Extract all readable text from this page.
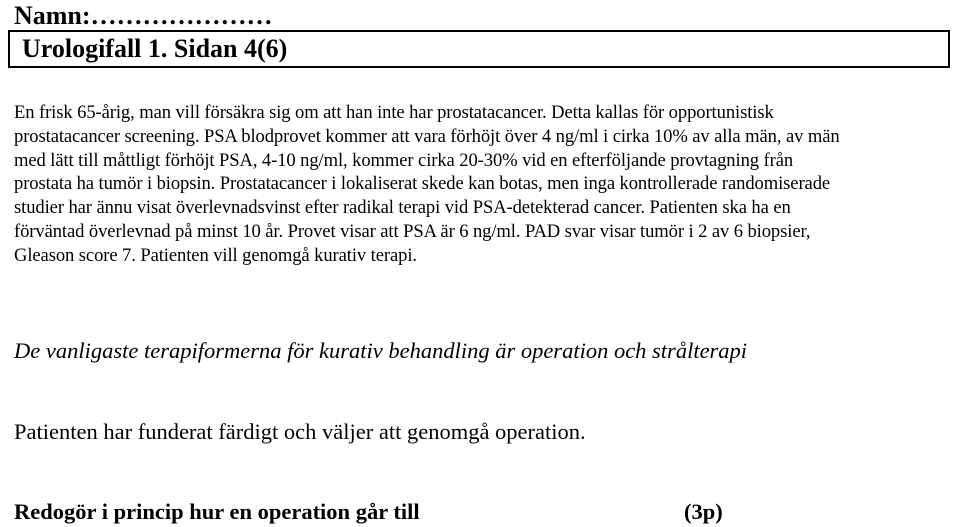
Namn:…………………
Urologifall 1. Sidan 4(6)
En frisk 65-årig, man vill försäkra sig om att han inte har prostatacancer. Detta kallas för opportunistisk
prostatacancer screening. PSA blodprovet kommer att vara förhöjt över 4 ng/ml i cirka 10% av alla män, av män
med lätt till måttligt förhöjt PSA, 4-10 ng/ml, kommer cirka 20-30% vid en efterföljande provtagning från
prostata ha tumör i biopsin. Prostatacancer i lokaliserat skede kan botas, men inga kontrollerade randomiserade
studier har ännu visat överlevnadsvinst efter radikal terapi vid PSA-detekterad cancer. Patienten ska ha en
förväntad överlevnad på minst 10 år. Provet visar att PSA är 6 ng/ml. PAD svar visar tumör i 2 av 6 biopsier,
Gleason score 7. Patienten vill genomgå kurativ terapi.
De vanligaste terapiformerna för kurativ behandling är operation och strålterapi
Patienten har funderat färdigt och väljer att genomgå operation.
Redogör i princip hur en operation går till	(3p)
